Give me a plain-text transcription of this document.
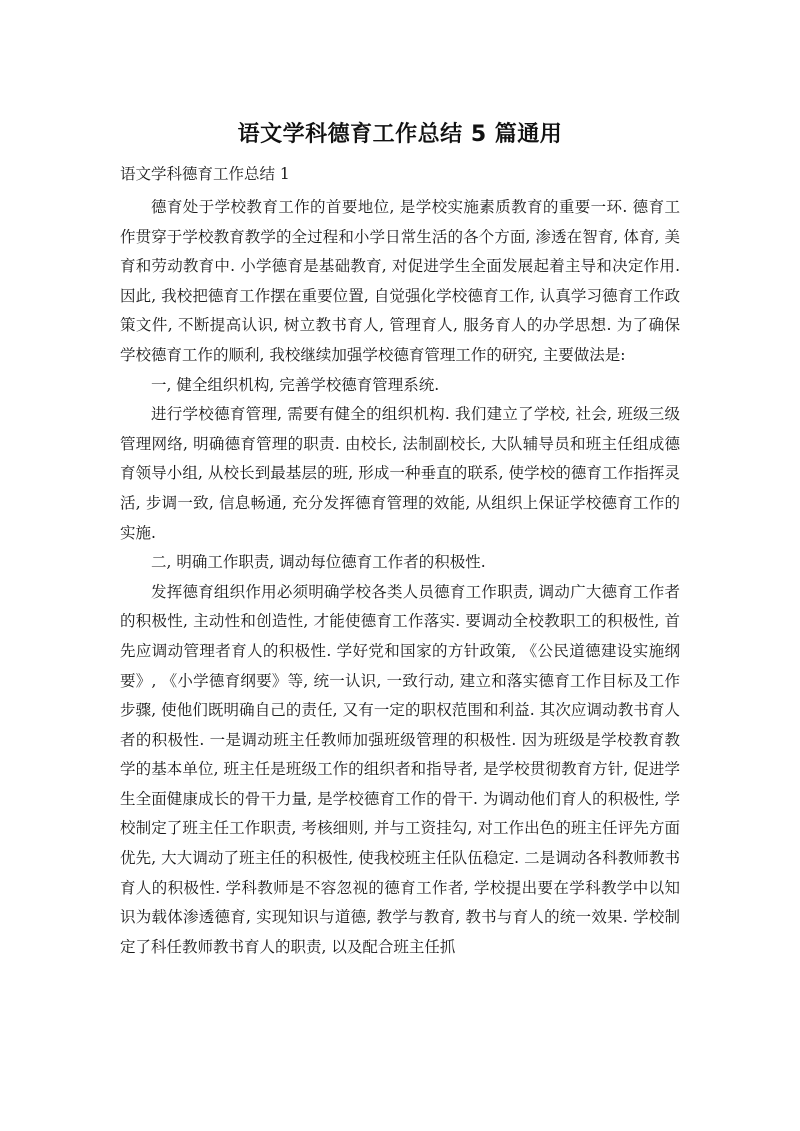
语文学科德育工作总结 5 篇通用
语文学科德育工作总结 1

德育处于学校教育工作的首要地位, 是学校实施素质教育的重要一环. 德育工作贯穿于学校教育教学的全过程和小学日常生活的各个方面, 渗透在智育, 体育, 美育和劳动教育中. 小学德育是基础教育, 对促进学生全面发展起着主导和决定作用. 因此, 我校把德育工作摆在重要位置, 自觉强化学校德育工作, 认真学习德育工作政策文件, 不断提高认识, 树立教书育人, 管理育人, 服务育人的办学思想. 为了确保学校德育工作的顺利, 我校继续加强学校德育管理工作的研究, 主要做法是:

一, 健全组织机构, 完善学校德育管理系统.

进行学校德育管理, 需要有健全的组织机构. 我们建立了学校, 社会, 班级三级管理网络, 明确德育管理的职责. 由校长, 法制副校长, 大队辅导员和班主任组成德育领导小组, 从校长到最基层的班, 形成一种垂直的联系, 使学校的德育工作指挥灵活, 步调一致, 信息畅通, 充分发挥德育管理的效能, 从组织上保证学校德育工作的实施.

二, 明确工作职责, 调动每位德育工作者的积极性.

发挥德育组织作用必须明确学校各类人员德育工作职责, 调动广大德育工作者的积极性, 主动性和创造性, 才能使德育工作落实. 要调动全校教职工的积极性, 首先应调动管理者育人的积极性. 学好党和国家的方针政策, 《公民道德建设实施纲要》, 《小学德育纲要》等, 统一认识, 一致行动, 建立和落实德育工作目标及工作步骤, 使他们既明确自己的责任, 又有一定的职权范围和利益. 其次应调动教书育人者的积极性. 一是调动班主任教师加强班级管理的积极性. 因为班级是学校教育教学的基本单位, 班主任是班级工作的组织者和指导者, 是学校贯彻教育方针, 促进学生全面健康成长的骨干力量, 是学校德育工作的骨干. 为调动他们育人的积极性, 学校制定了班主任工作职责, 考核细则, 并与工资挂勾, 对工作出色的班主任评先方面优先, 大大调动了班主任的积极性, 使我校班主任队伍稳定. 二是调动各科教师教书育人的积极性. 学科教师是不容忽视的德育工作者, 学校提出要在学科教学中以知识为载体渗透德育, 实现知识与道德, 教学与教育, 教书与育人的统一效果. 学校制定了科任教师教书育人的职责, 以及配合班主任抓
